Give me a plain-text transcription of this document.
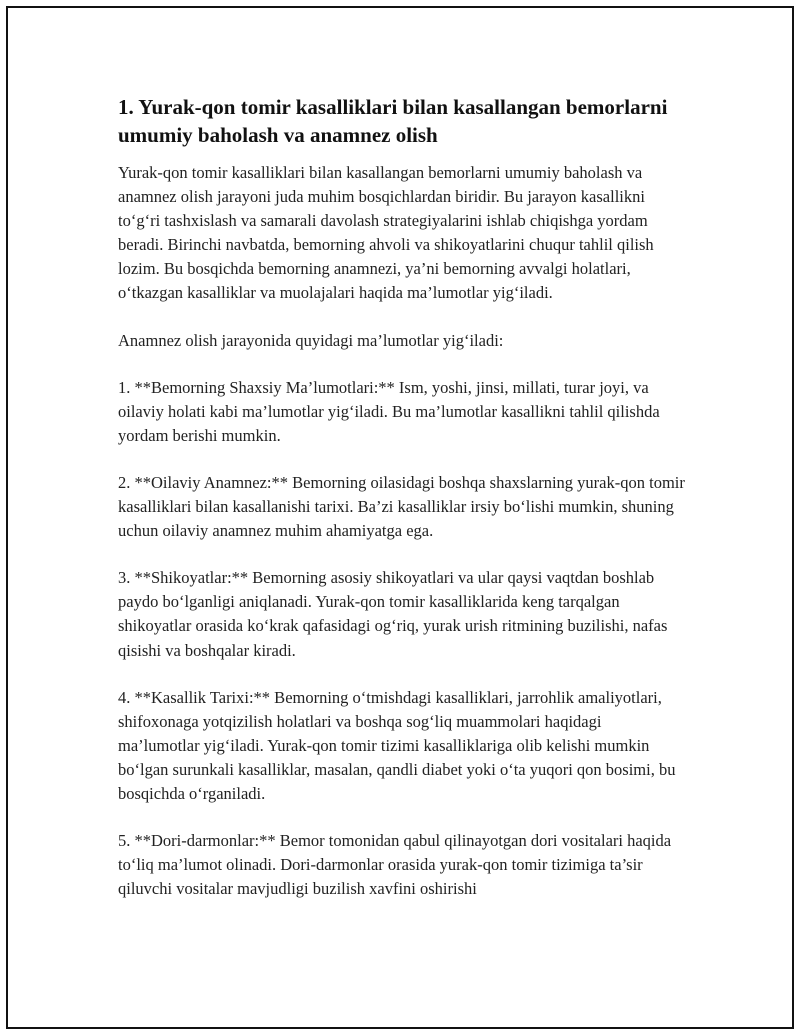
1. Yurak-qon tomir kasalliklari bilan kasallangan bemorlarni umumiy baholash va anamnez olish

Yurak-qon tomir kasalliklari bilan kasallangan bemorlarni umumiy baholash va anamnez olish jarayoni juda muhim bosqichlardan biridir. Bu jarayon kasallikni to‘g‘ri tashxislash va samarali davolash strategiyalarini ishlab chiqishga yordam beradi. Birinchi navbatda, bemorning ahvoli va shikoyatlarini chuqur tahlil qilish lozim. Bu bosqichda bemorning anamnezi, ya’ni bemorning avvalgi holatlari, o‘tkazgan kasalliklar va muolajalari haqida ma’lumotlar yig‘iladi.

Anamnez olish jarayonida quyidagi ma’lumotlar yig‘iladi:

1. **Bemorning Shaxsiy Ma’lumotlari:** Ism, yoshi, jinsi, millati, turar joyi, va oilaviy holati kabi ma’lumotlar yig‘iladi. Bu ma’lumotlar kasallikni tahlil qilishda yordam berishi mumkin.

2. **Oilaviy Anamnez:** Bemorning oilasidagi boshqa shaxslarning yurak-qon tomir kasalliklari bilan kasallanishi tarixi. Ba’zi kasalliklar irsiy bo‘lishi mumkin, shuning uchun oilaviy anamnez muhim ahamiyatga ega.

3. **Shikoyatlar:** Bemorning asosiy shikoyatlari va ular qaysi vaqtdan boshlab paydo bo‘lganligi aniqlanadi. Yurak-qon tomir kasalliklarida keng tarqalgan shikoyatlar orasida ko‘krak qafasidagi og‘riq, yurak urish ritmining buzilishi, nafas qisishi va boshqalar kiradi.

4. **Kasallik Tarixi:** Bemorning o‘tmishdagi kasalliklari, jarrohlik amaliyotlari, shifoxonaga yotqizilish holatlari va boshqa sog‘liq muammolari haqidagi ma’lumotlar yig‘iladi. Yurak-qon tomir tizimi kasalliklariga olib kelishi mumkin bo‘lgan surunkali kasalliklar, masalan, qandli diabet yoki o‘ta yuqori qon bosimi, bu bosqichda o‘rganiladi.

5. **Dori-darmonlar:** Bemor tomonidan qabul qilinayotgan dori vositalari haqida to‘liq ma’lumot olinadi. Dori-darmonlar orasida yurak-qon tomir tizimiga ta’sir qiluvchi vositalar mavjudligi buzilish xavfini oshirishi
